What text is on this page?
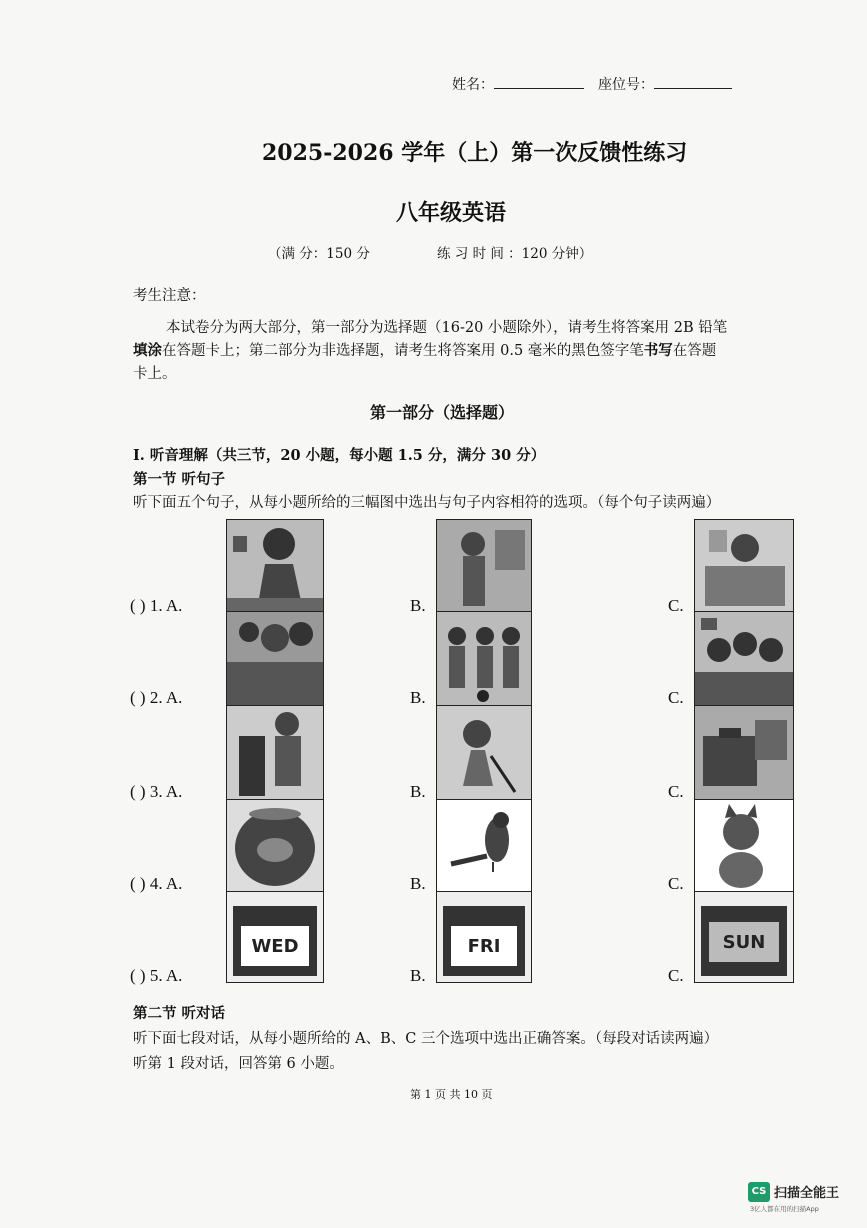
姓名：	座位号：
2025-2026 学年（上）第一次反馈性练习
八年级英语
（满 分：150 分	练 习 时 间 ：120 分钟）
考生注意：
本试卷分为两大部分，第一部分为选择题（16-20 小题除外），请考生将答案用 2B 铅笔
填涂在答题卡上；第二部分为非选择题，请考生将答案用 0.5 毫米的黑色签字笔书写在答题
卡上。
第一部分（选择题）
Ⅰ. 听音理解（共三节，20 小题，每小题 1.5 分，满分 30 分）
第一节 听句子
听下面五个句子，从每小题所给的三幅图中选出与句子内容相符的选项。（每个句子读两遍）
( ) 1. A.	B.	C.
( ) 2. A.	B.	C.
( ) 3. A.	B.	C.
( ) 4. A.	B.	C.
( ) 5. A.	B.	C.
WED	FRI	SUN
第二节 听对话
听下面七段对话，从每小题所给的 A、B、C 三个选项中选出正确答案。（每段对话读两遍）
听第 1 段对话，回答第 6 小题。
第 1 页 共 10 页
CS 扫描全能王
3亿人都在用的扫描App
